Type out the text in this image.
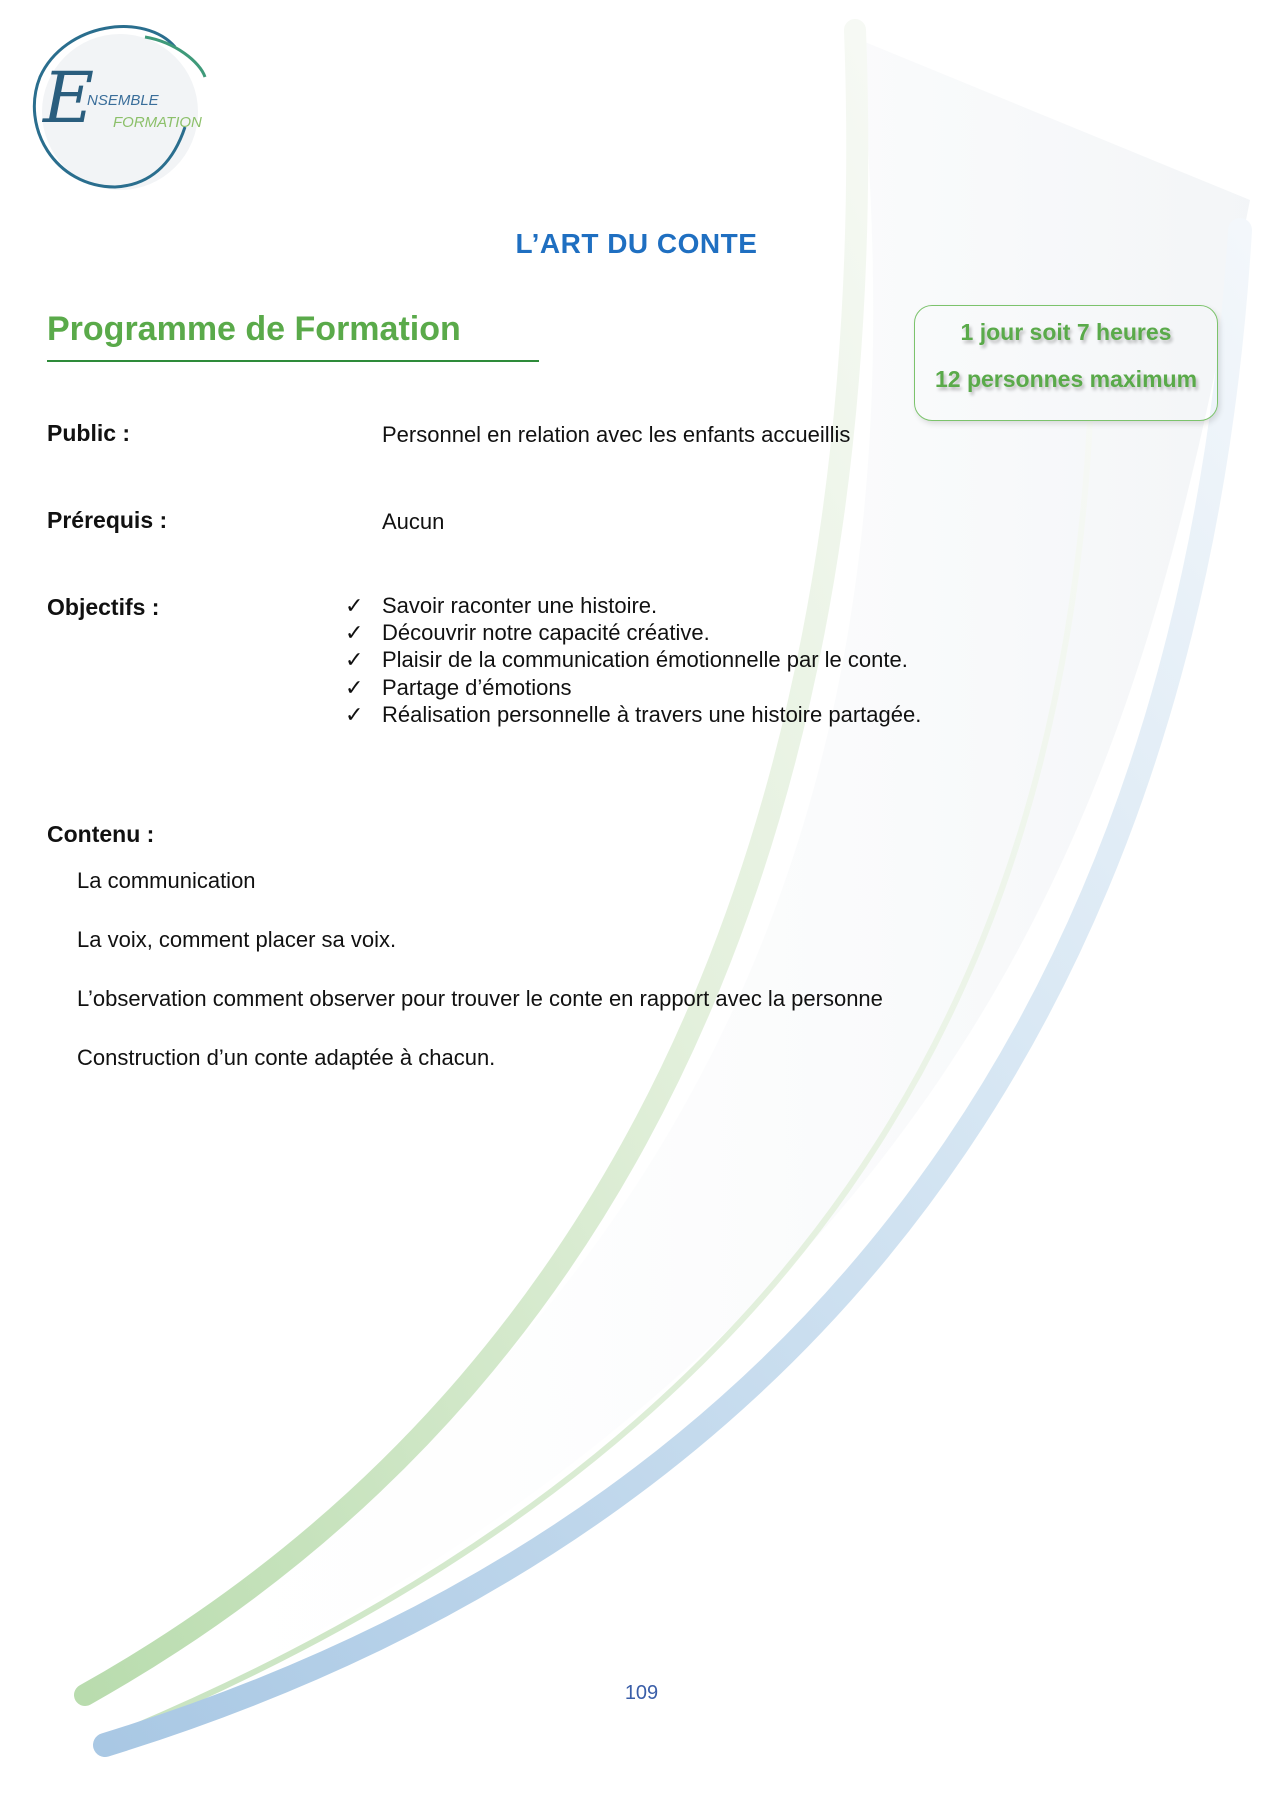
E
NSEMBLE
FORMATION
L’ART DU CONTE
Programme de Formation	1 jour soit 7 heures
12 personnes maximum
Public :	Personnel en relation avec les enfants accueillis
Prérequis :	Aucun
Objectifs :	✓ Savoir raconter une histoire.
✓ Découvrir notre capacité créative.
✓ Plaisir de la communication émotionnelle par le conte.
✓ Partage d’émotions
✓ Réalisation personnelle à travers une histoire partagée.
Contenu :
La communication
La voix, comment placer sa voix.
L’observation comment observer pour trouver le conte en rapport avec la personne
Construction d’un conte adaptée à chacun.
109
